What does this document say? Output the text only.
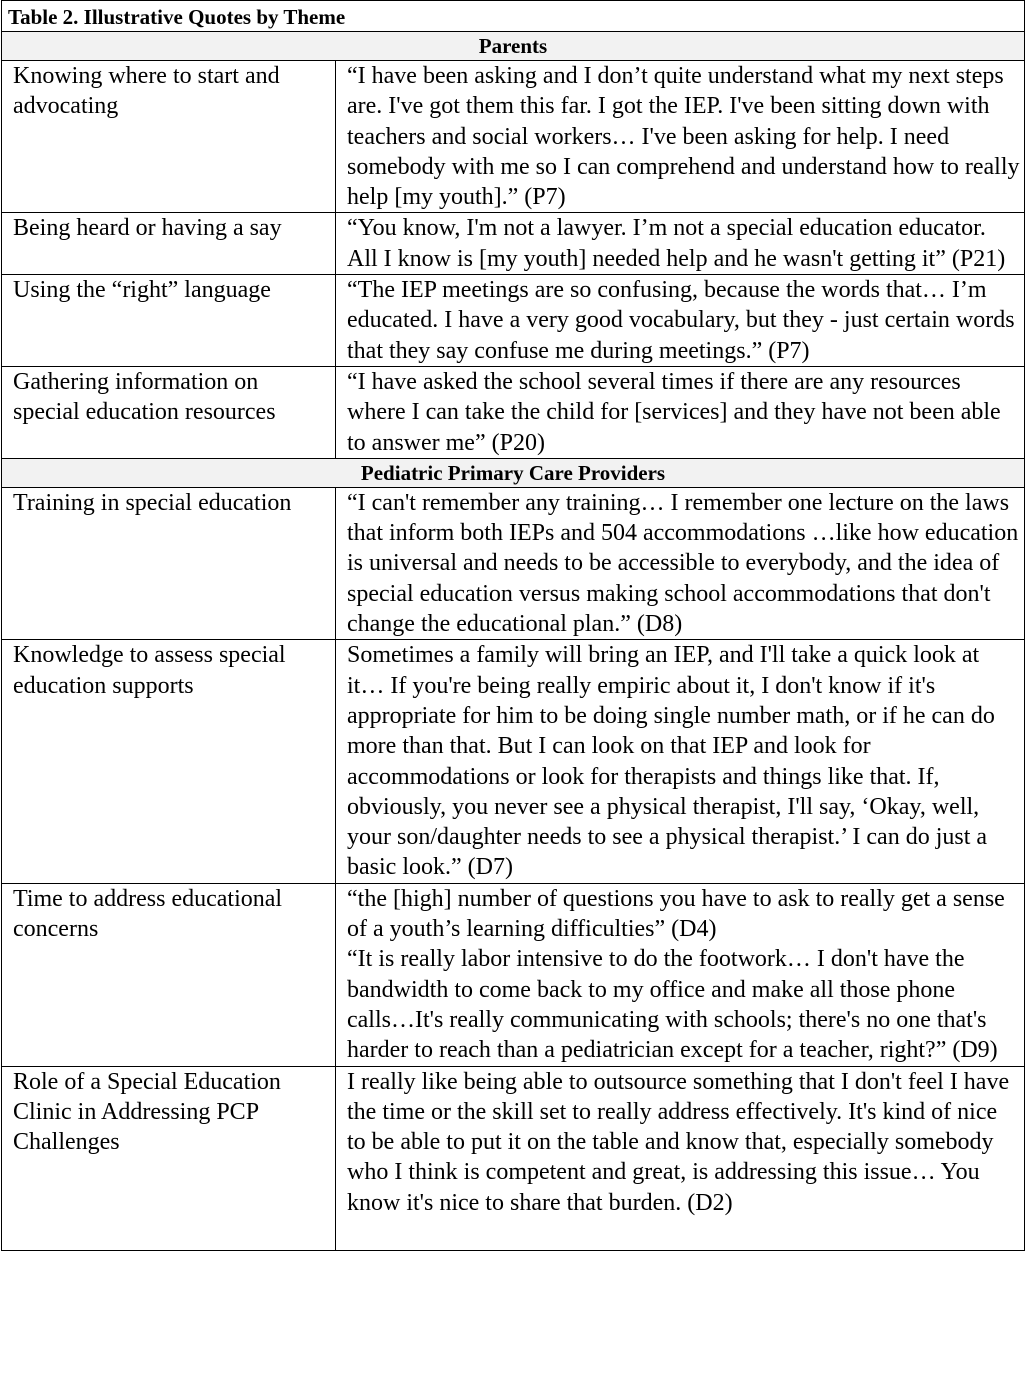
Table 2. Illustrative Quotes by Theme	
Parents	
Knowing where to start and advocating	“I have been asking and I don’t quite understand what my next steps are. I've got them this far. I got the IEP. I've been sitting down with teachers and social workers… I've been asking for help. I need somebody with me so I can comprehend and understand how to really help [my youth].” (P7)

Being heard or having a say	“You know, I'm not a lawyer. I’m not a special education educator. All I know is [my youth] needed help and he wasn't getting it” (P21)

Using the “right” language	“The IEP meetings are so confusing, because the words that… I’m educated. I have a very good vocabulary, but they - just certain words that they say confuse me during meetings.” (P7)

Gathering information on special education resources	“I have asked the school several times if there are any resources where I can take the child for [services] and they have not been able to answer me” (P20)

Pediatric Primary Care Providers	
Training in special education	“I can't remember any training… I remember one lecture on the laws that inform both IEPs and 504 accommodations …like how education is universal and needs to be accessible to everybody, and the idea of special education versus making school accommodations that don't change the educational plan.” (D8)

Knowledge to assess special education supports	Sometimes a family will bring an IEP, and I'll take a quick look at it… If you're being really empiric about it, I don't know if it's appropriate for him to be doing single number math, or if he can do more than that. But I can look on that IEP and look for accommodations or look for therapists and things like that. If, obviously, you never see a physical therapist, I'll say, ‘Okay, well, your son/daughter needs to see a physical therapist.’ I can do just a basic look.” (D7)

Time to address educational concerns	“the [high] number of questions you have to ask to really get a sense of a youth’s learning difficulties” (D4)
“It is really labor intensive to do the footwork… I don't have the bandwidth to come back to my office and make all those phone calls…It's really communicating with schools; there's no one that's harder to reach than a pediatrician except for a teacher, right?” (D9)

Role of a Special Education Clinic in Addressing PCP Challenges	I really like being able to outsource something that I don't feel I have the time or the skill set to really address effectively. It's kind of nice to be able to put it on the table and know that, especially somebody who I think is competent and great, is addressing this issue… You know it's nice to share that burden. (D2)
